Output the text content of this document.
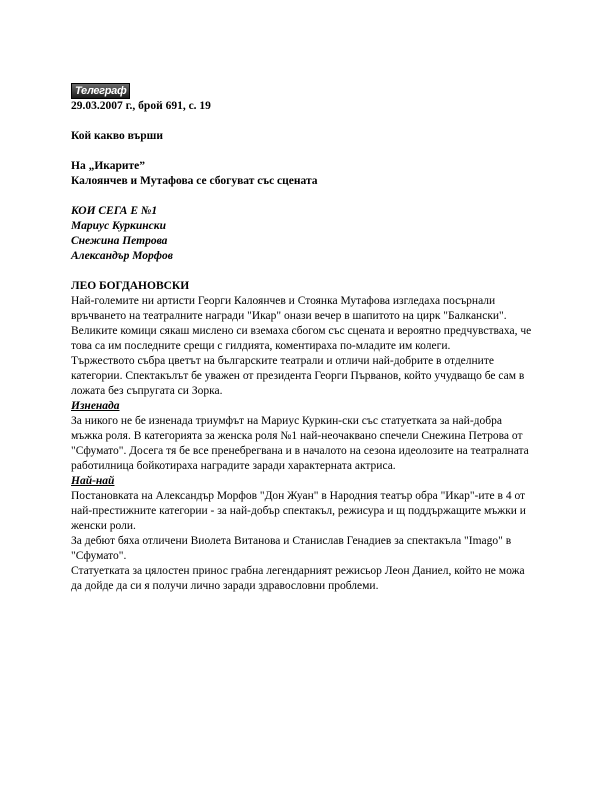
Телеграф

29.03.2007 г., брой 691, с. 19

Кой какво върши

На „Икарите”

Калоянчев и Мутафова се сбогуват със сцената

КОИ СЕГА Е №1

Мариус Куркински

Снежина Петрова

Александър Морфов

ЛЕО БОГДАНОВСКИ

Най-големите ни артисти Георги Калоянчев и Стоянка Мутафова изгледаха посърнали връчването на театралните награди "Икар" онази вечер в шапитото на цирк "Балкански".

Великите комици сякаш мислено си вземаха сбогом със сцената и вероятно предчувстваха, че това са им последните срещи с гилдията, коментираха по-младите им колеги.

Тържеството събра цветът на българските театрали и отличи най-добрите в отделните категории. Спектакълът бе уважен от президента Георги Първанов, който учудващо бе сам в ложата без съпругата си Зорка.

Изненада

За никого не бе изненада триумфът на Мариус Куркин-ски със статуетката за най-добра мъжка роля. В категорията за женска роля №1 най-неочаквано спечели Снежина Петрова от "Сфумато". Досега тя бе все пренебрегвана и в началото на сезона идеолозите на театралната работилница бойкотираха наградите заради характерната актриса.

Най-най

Постановката на Александър Морфов "Дон Жуан" в Народния театър обра "Икар"-ите в 4 от най-престижните категории - за най-добър спектакъл, режисура и щ поддържащите мъжки и женски роли.

За дебют бяха отличени Виолета Витанова и Станислав Генадиев за спектакъла "Imago" в "Сфумато".

Статуетката за цялостен принос грабна легендарният режисьор Леон Даниел, който не можа да дойде да си я получи лично заради здравословни проблеми.
